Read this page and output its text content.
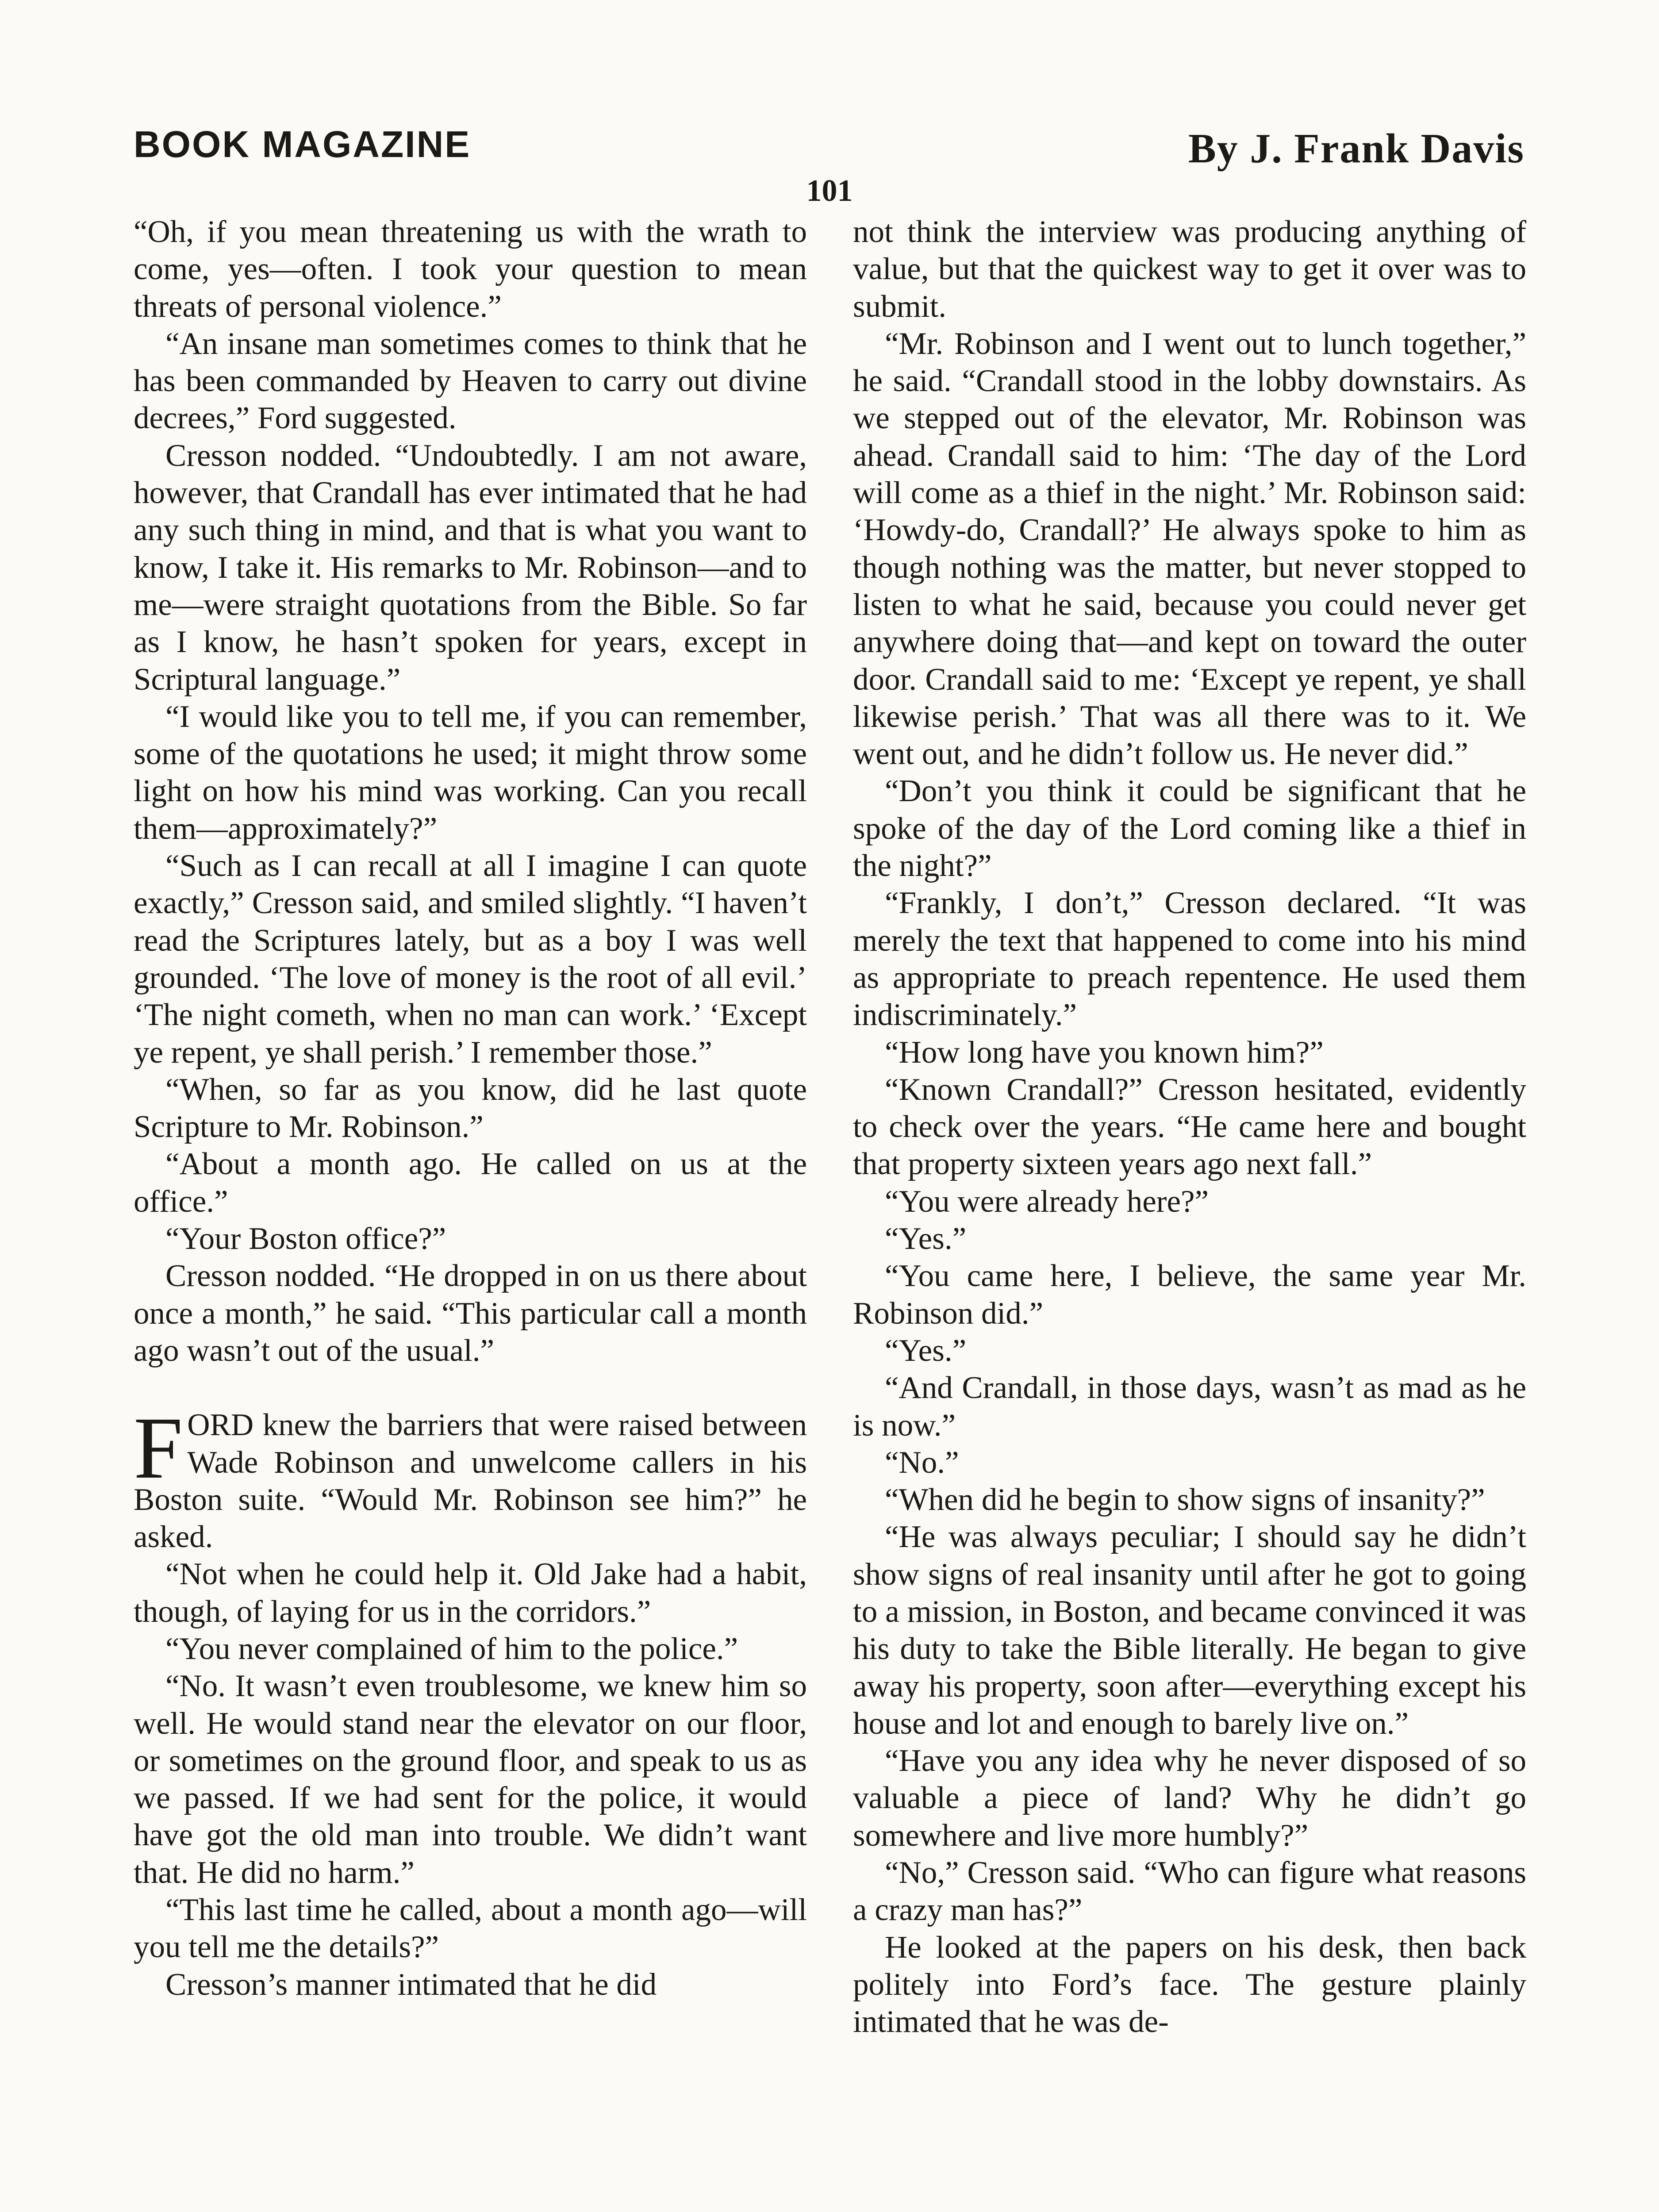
BOOK MAGAZINE	By J. Frank Davis
101

“Oh, if you mean threatening us with the wrath to come, yes—often. I took your question to mean threats of personal violence.”

“An insane man sometimes comes to think that he has been commanded by Heaven to carry out divine decrees,” Ford suggested.

Cresson nodded. “Undoubtedly. I am not aware, however, that Crandall has ever intimated that he had any such thing in mind, and that is what you want to know, I take it. His remarks to Mr. Robinson—and to me—were straight quotations from the Bible. So far as I know, he hasn’t spoken for years, except in Scriptural language.”

“I would like you to tell me, if you can remember, some of the quotations he used; it might throw some light on how his mind was working. Can you recall them—approximately?”

“Such as I can recall at all I imagine I can quote exactly,” Cresson said, and smiled slightly. “I haven’t read the Scriptures lately, but as a boy I was well grounded. ‘The love of money is the root of all evil.’ ‘The night cometh, when no man can work.’ ‘Except ye repent, ye shall perish.’ I remember those.”

“When, so far as you know, did he last quote Scripture to Mr. Robinson.”

“About a month ago. He called on us at the office.”

“Your Boston office?”

Cresson nodded. “He dropped in on us there about once a month,” he said. “This particular call a month ago wasn’t out of the usual.”

FORD knew the barriers that were raised between Wade Robinson and unwelcome callers in his Boston suite. “Would Mr. Robinson see him?” he asked.

“Not when he could help it. Old Jake had a habit, though, of laying for us in the corridors.”

“You never complained of him to the police.”

“No. It wasn’t even troublesome, we knew him so well. He would stand near the elevator on our floor, or sometimes on the ground floor, and speak to us as we passed. If we had sent for the police, it would have got the old man into trouble. We didn’t want that. He did no harm.”

“This last time he called, about a month ago—will you tell me the details?”

Cresson’s manner intimated that he did

not think the interview was producing anything of value, but that the quickest way to get it over was to submit.

“Mr. Robinson and I went out to lunch together,” he said. “Crandall stood in the lobby downstairs. As we stepped out of the elevator, Mr. Robinson was ahead. Crandall said to him: ‘The day of the Lord will come as a thief in the night.’ Mr. Robinson said: ‘Howdy-do, Crandall?’ He always spoke to him as though nothing was the matter, but never stopped to listen to what he said, because you could never get anywhere doing that—and kept on toward the outer door. Crandall said to me: ‘Except ye repent, ye shall likewise perish.’ That was all there was to it. We went out, and he didn’t follow us. He never did.”

“Don’t you think it could be significant that he spoke of the day of the Lord coming like a thief in the night?”

“Frankly, I don’t,” Cresson declared. “It was merely the text that happened to come into his mind as appropriate to preach repentence. He used them indiscriminately.”

“How long have you known him?”

“Known Crandall?” Cresson hesitated, evidently to check over the years. “He came here and bought that property sixteen years ago next fall.”

“You were already here?”

“Yes.”

“You came here, I believe, the same year Mr. Robinson did.”

“Yes.”

“And Crandall, in those days, wasn’t as mad as he is now.”

“No.”

“When did he begin to show signs of insanity?”

“He was always peculiar; I should say he didn’t show signs of real insanity until after he got to going to a mission, in Boston, and became convinced it was his duty to take the Bible literally. He began to give away his property, soon after—everything except his house and lot and enough to barely live on.”

“Have you any idea why he never disposed of so valuable a piece of land? Why he didn’t go somewhere and live more humbly?”

“No,” Cresson said. “Who can figure what reasons a crazy man has?”

He looked at the papers on his desk, then back politely into Ford’s face. The gesture plainly intimated that he was de-
